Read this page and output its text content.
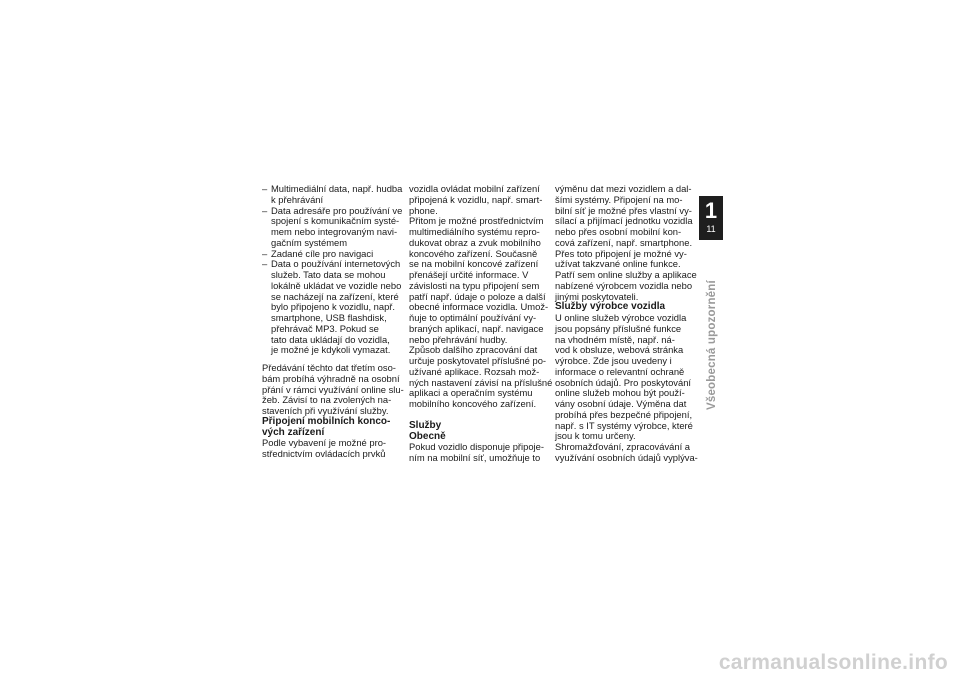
– Multimediální data, např. hudba
k přehrávání
– Data adresáře pro používání ve
spojení s komunikačním systé-
mem nebo integrovaným navi-
gačním systémem
– Zadané cíle pro navigaci
– Data o používání internetových
služeb. Tato data se mohou
lokálně ukládat ve vozidle nebo
se nacházejí na zařízení, které
bylo připojeno k vozidlu, např.
smartphone, USB flashdisk,
přehrávač MP3. Pokud se
tato data ukládají do vozidla,
je možné je kdykoli vymazat.
Předávání těchto dat třetím oso-
bám probíhá výhradně na osobní
přání v rámci využívání online slu-
žeb. Závisí to na zvolených na-
staveních při využívání služby.
Připojení mobilních konco-
vých zařízení
Podle vybavení je možné pro-
střednictvím ovládacích prvků
vozidla ovládat mobilní zařízení
připojená k vozidlu, např. smart-
phone.
Přitom je možné prostřednictvím
multimediálního systému repro-
dukovat obraz a zvuk mobilního
koncového zařízení. Současně
se na mobilní koncové zařízení
přenášejí určité informace. V
závislosti na typu připojení sem
patří např. údaje o poloze a další
obecné informace vozidla. Umož-
ňuje to optimální používání vy-
braných aplikací, např. navigace
nebo přehrávání hudby.
Způsob dalšího zpracování dat
určuje poskytovatel příslušné po-
užívané aplikace. Rozsah mož-
ných nastavení závisí na příslušné
aplikaci a operačním systému
mobilního koncového zařízení.
Služby
Obecně
Pokud vozidlo disponuje připoje-
ním na mobilní síť, umožňuje to
výměnu dat mezi vozidlem a dal-
šími systémy. Připojení na mo-
bilní síť je možné přes vlastní vy-
sílací a přijímací jednotku vozidla
nebo přes osobní mobilní kon-
cová zařízení, např. smartphone.
Přes toto připojení je možné vy-
užívat takzvané online funkce.
Patří sem online služby a aplikace
nabízené výrobcem vozidla nebo
jinými poskytovateli.
Služby výrobce vozidla
U online služeb výrobce vozidla
jsou popsány příslušné funkce
na vhodném místě, např. ná-
vod k obsluze, webová stránka
výrobce. Zde jsou uvedeny i
informace o relevantní ochraně
osobních údajů. Pro poskytování
online služeb mohou být použí-
vány osobní údaje. Výměna dat
probíhá přes bezpečné připojení,
např. s IT systémy výrobce, které
jsou k tomu určeny.
Shromažďování, zpracovávání a
využívání osobních údajů vyplýva-
1
11
Všeobecná upozornění
carmanualsonline.info
